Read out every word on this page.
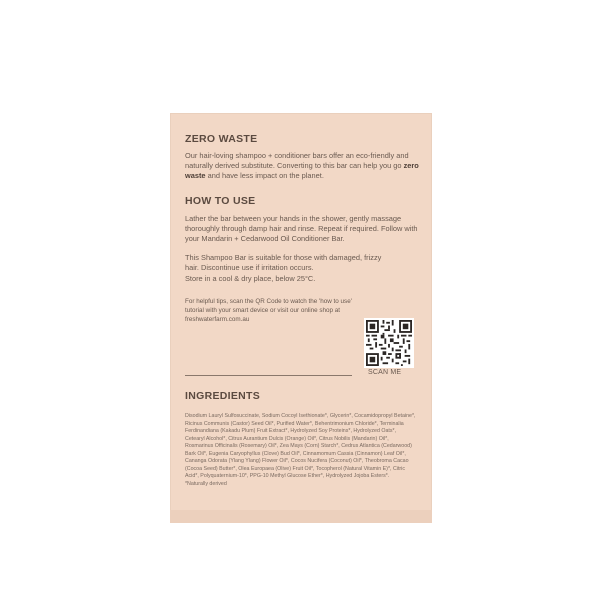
ZERO WASTE

Our hair-loving shampoo + conditioner bars offer an eco-friendly and naturally derived substitute. Converting to this bar can help you go zero waste and have less impact on the planet.

HOW TO USE

Lather the bar between your hands in the shower, gently massage thoroughly through damp hair and rinse. Repeat if required. Follow with your Mandarin + Cedarwood Oil Conditioner Bar.

This Shampoo Bar is suitable for those with damaged, frizzy hair. Discontinue use if irritation occurs.

Store in a cool & dry place, below 25°C.

For helpful tips, scan the QR Code to watch the 'how to use' tutorial with your smart device or visit our online shop at freshwaterfarm.com.au

SCAN ME

INGREDIENTS

Disodium Lauryl Sulfosuccinate, Sodium Cocoyl Isethionate*, Glycerin*, Cocamidopropyl Betaine*, Ricinus Communis (Castor) Seed Oil*, Purified Water*, Behentrimonium Chloride*, Terminalia Ferdinandiana (Kakadu Plum) Fruit Extract*, Hydrolyzed Soy Proteins*, Hydrolyzed Oats*, Cetearyl Alcohol*, Citrus Aurantium Dulcis (Orange) Oil*, Citrus Nobilis (Mandarin) Oil*, Rosmarinus Officinalis (Rosemary) Oil*, Zea Mays (Corn) Starch*, Cedrus Atlantica (Cedarwood) Bark Oil*, Eugenia Caryophyllus (Clove) Bud Oil*, Cinnamomum Cassia (Cinnamon) Leaf Oil*, Cananga Odorata (Ylang Ylang) Flower Oil*, Cocos Nucifera (Coconut) Oil*, Theobroma Cacao (Cocoa Seed) Butter*, Olea Europaea (Olive) Fruit Oil*, Tocopherol (Natural Vitamin E)*, Citric Acid*, Polyquaternium-10*, PPG-10 Methyl Glucose Ether*, Hydrolyzed Jojoba Esters*.
*Naturally derived
